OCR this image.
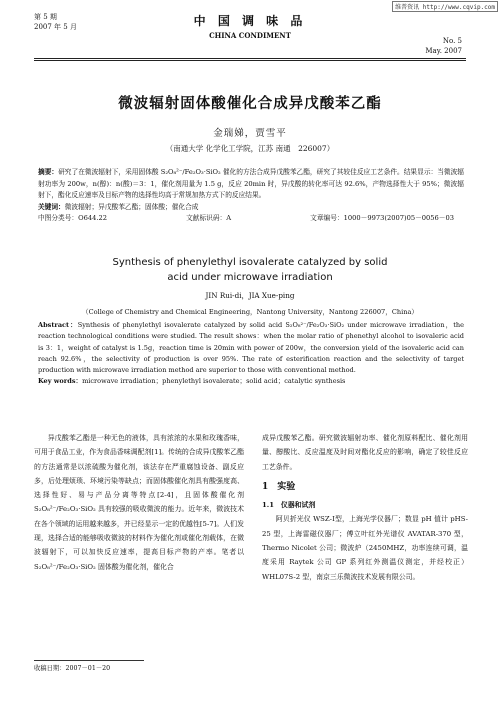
维普资讯 http://www.cqvip.com
第 5 期
2007 年 5 月	中 国 调 味 品
CHINA CONDIMENT
No. 5
May. 2007
微波辐射固体酸催化合成异戊酸苯乙酯
金瑞娣，贾雪平
（南通大学 化学化工学院，江苏 南通　226007）
摘要：研究了在微波辐射下，采用固体酸 S₂O₈²⁻/Fe₂O₃·SiO₂ 催化的方法合成异戊酸苯乙酯，研究了其较佳反应工艺条件。结果显示：当微波辐射功率为 200w，n(醇)：n(酸)＝3：1，催化剂用量为 1.5 g，反应 20min 时，异戊酸的转化率可达 92.6%，产物选择性大于 95%；微波辐射下，酯化反应速率及目标产物的选择性均高于常规加热方式下的反应结果。
关键词：微波辐射；异戊酸苯乙酯；固体酸；催化合成
中图分类号：O644.22	文献标识码：A	文章编号：1000－9973(2007)05－0056－03
Synthesis of phenylethyl isovalerate catalyzed by solid
acid under microwave irradiation
JIN Rui-di，JIA Xue-ping
（College of Chemistry and Chemical Engineering，Nantong University，Nantong 226007，China）
Abstract：Synthesis of phenylethyl isovalerate catalyzed by solid acid S₂O₈²⁻/Fe₂O₃·SiO₂ under microwave irradiation，the reaction technological conditions were studied. The result shows：when the molar ratio of phenethyl alcohol to isovaleric acid is 3：1，weight of catalyst is 1.5g，reaction time is 20min with power of 200w，the conversion yield of the isovaleric acid can reach 92.6%，the selectivity of production is over 95%. The rate of esterification reaction and the selectivity of target production with microwave irradiation method are superior to those with conventional method.
Key words：microwave irradiation；phenylethyl isovalerate；solid acid；catalytic synthesis
异戊酸苯乙酯是一种无色的液体，具有浓浓的水果和玫瑰香味，可用于食品工业，作为食品香味调配剂[1]。传统的合成异戊酸苯乙酯的方法通常是以浓硫酸为催化剂，该法存在严重腐蚀设备、副反应多，后处理烦琐、环境污染等缺点；而固体酸催化剂具有酸强度高、选择性好、易与产品分离等特点[2-4]，且固体酸催化剂 S₂O₈²⁻/Fe₂O₃·SiO₂ 具有较强的吸收微波的能力。近年来，微波技术在各个领域的运用越来越多，并已经显示一定的优越性[5-7]。人们发现，选择合适的能够吸收微波的材料作为催化剂或催化剂载体，在微波辐射下，可以加快反应速率，提高目标产物的产率。笔者以 S₂O₈²⁻/Fe₂O₃·SiO₂ 固体酸为催化剂，催化合
成异戊酸苯乙酯。研究微波辐射功率、催化剂原料配比、催化剂用量、醇酸比、反应温度及时间对酯化反应的影响，确定了较佳反应工艺条件。
1　实验
1.1　仪器和试剂
阿贝折光仪 WSZ-Ⅰ型，上海光学仪器厂；数显 pH 值计 pHS-25 型，上海雷磁仪器厂；傅立叶红外光谱仪 AVATAR-370 型，Thermo Nicolet 公司；微波炉（2450MHZ，功率连续可调，温度采用 Raytek 公司 GP 系列红外测温仪测定，并经校正）WHL07S-2 型，南京三乐微波技术发展有限公司。
收稿日期：2007－01－20
